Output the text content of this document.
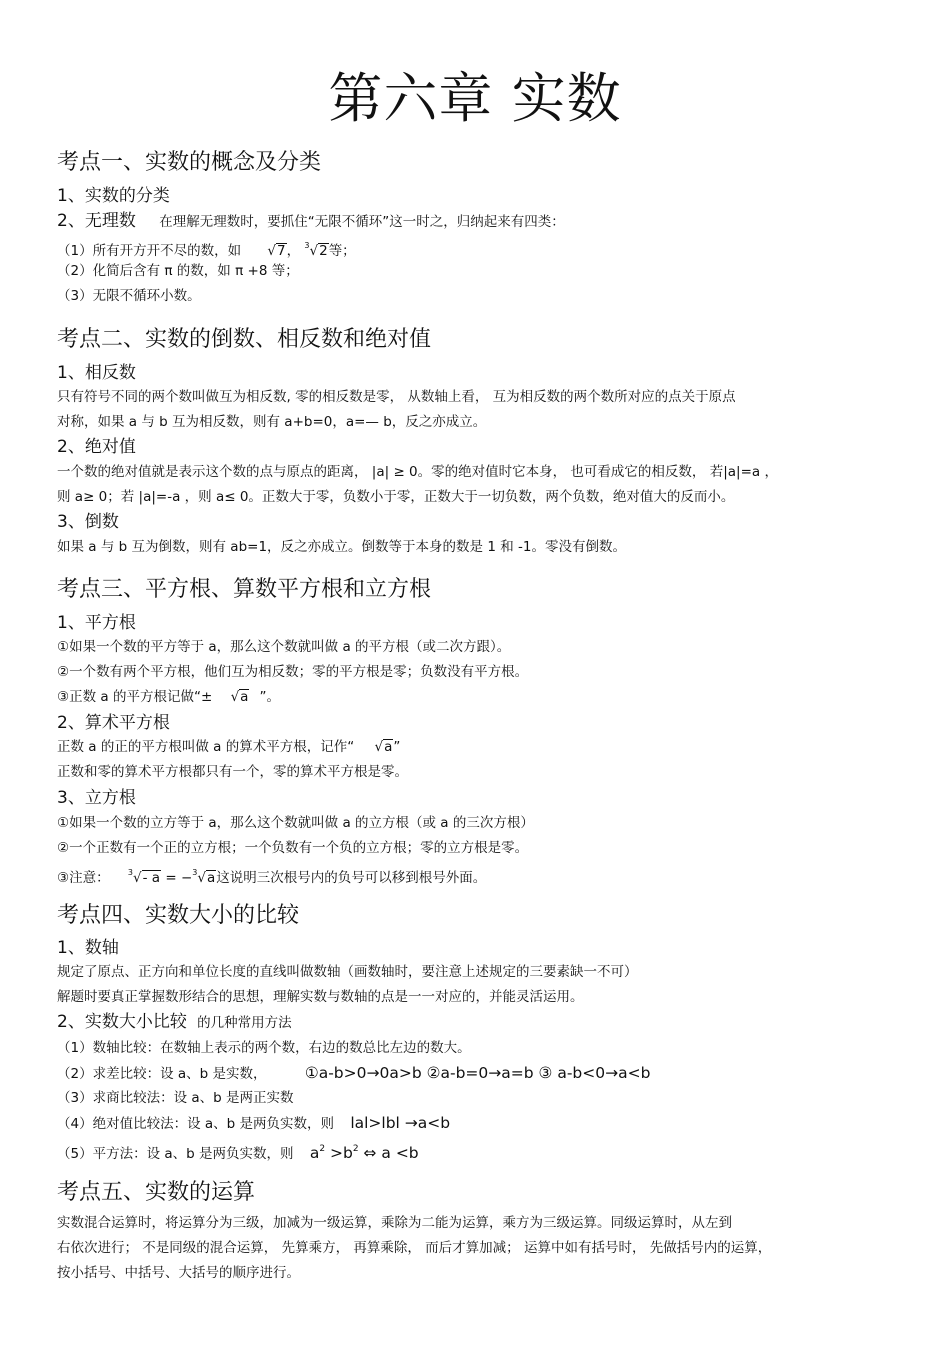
第六章 实数
考点一、实数的概念及分类
1、实数的分类
2、无理数 在理解无理数时，要抓住“无限不循环”这一时之，归纳起来有四类：
（1）所有开方开不尽的数，如 √7， $^3$√2等；
（2）化简后含有 π 的数，如 π +8 等；
（3）无限不循环小数。
考点二、实数的倒数、相反数和绝对值
1、相反数
只有符号不同的两个数叫做互为相反数, 零的相反数是零， 从数轴上看， 互为相反数的两个数所对应的点关于原点
对称，如果 a 与 b 互为相反数，则有 a+b=0，a=— b，反之亦成立。
2、绝对值
一个数的绝对值就是表示这个数的点与原点的距离， |a| ≥ 0。零的绝对值时它本身， 也可看成它的相反数， 若|a|=a ，
则 a≥ 0；若 |a|=-a ，则 a≤ 0。正数大于零，负数小于零，正数大于一切负数，两个负数，绝对值大的反而小。
3、倒数
如果 a 与 b 互为倒数，则有 ab=1，反之亦成立。倒数等于本身的数是 1 和 -1。零没有倒数。
考点三、平方根、算数平方根和立方根
1、平方根
①如果一个数的平方等于 a，那么这个数就叫做 a 的平方根（或二次方跟）。
②一个数有两个平方根，他们互为相反数；零的平方根是零；负数没有平方根。
③正数 a 的平方根记做“± √a ”。
2、算术平方根
正数 a 的正的平方根叫做 a 的算术平方根，记作“ √a”
正数和零的算术平方根都只有一个，零的算术平方根是零。
3、立方根
①如果一个数的立方等于 a，那么这个数就叫做 a 的立方根（或 a 的三次方根）
②一个正数有一个正的立方根；一个负数有一个负的立方根；零的立方根是零。
③注意： $^3$√- a = −$^3$√a这说明三次根号内的负号可以移到根号外面。
考点四、实数大小的比较
1、数轴
规定了原点、正方向和单位长度的直线叫做数轴（画数轴时，要注意上述规定的三要素缺一不可）
解题时要真正掌握数形结合的思想，理解实数与数轴的点是一一对应的，并能灵活运用。
2、实数大小比较 的几种常用方法
（1）数轴比较：在数轴上表示的两个数，右边的数总比左边的数大。
（2）求差比较：设 a、b 是实数， ①a-b>0→0a>b ②a-b=0→a=b ③ a-b<0→a<b
（3）求商比较法：设 a、b 是两正实数
（4）绝对值比较法：设 a、b 是两负实数，则 lal>lbl →a<b
（5）平方法：设 a、b 是两负实数，则 $a^2 >b^2$ ⇔ a <b
考点五、实数的运算
实数混合运算时，将运算分为三级，加减为一级运算，乘除为二能为运算，乘方为三级运算。同级运算时，从左到
右依次进行； 不是同级的混合运算， 先算乘方， 再算乘除， 而后才算加减； 运算中如有括号时， 先做括号内的运算，
按小括号、中括号、大括号的顺序进行。
